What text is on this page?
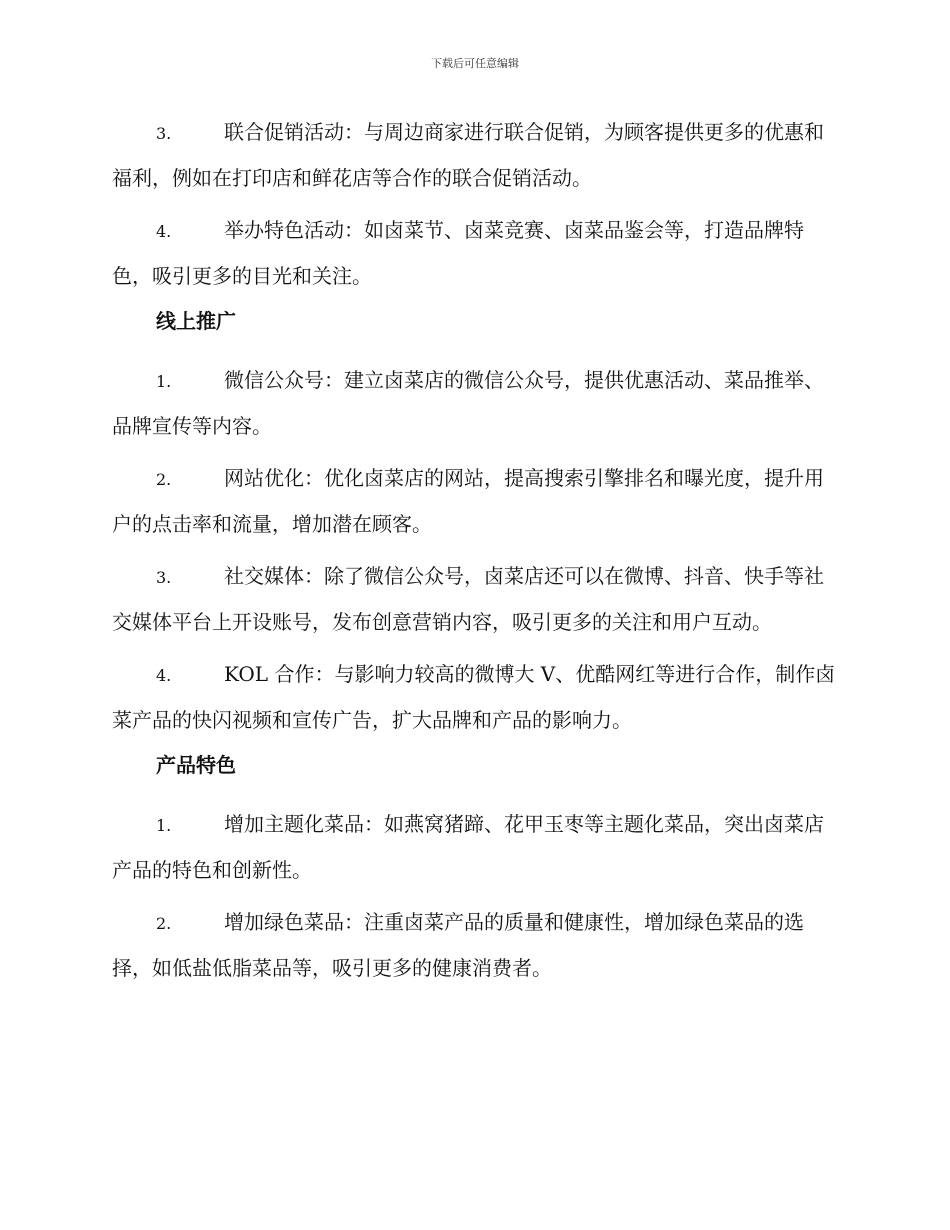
下载后可任意编辑

3.	联合促销活动：与周边商家进行联合促销，为顾客提供更多的优惠和福利，例如在打印店和鲜花店等合作的联合促销活动。

4.	举办特色活动：如卤菜节、卤菜竞赛、卤菜品鉴会等，打造品牌特色，吸引更多的目光和关注。

线上推广

1.	微信公众号：建立卤菜店的微信公众号，提供优惠活动、菜品推举、品牌宣传等内容。

2.	网站优化：优化卤菜店的网站，提高搜索引擎排名和曝光度，提升用户的点击率和流量，增加潜在顾客。

3.	社交媒体：除了微信公众号，卤菜店还可以在微博、抖音、快手等社交媒体平台上开设账号，发布创意营销内容，吸引更多的关注和用户互动。

4.	KOL 合作：与影响力较高的微博大 V、优酷网红等进行合作，制作卤菜产品的快闪视频和宣传广告，扩大品牌和产品的影响力。

产品特色

1.	增加主题化菜品：如燕窝猪蹄、花甲玉枣等主题化菜品，突出卤菜店产品的特色和创新性。

2.	增加绿色菜品：注重卤菜产品的质量和健康性，增加绿色菜品的选择，如低盐低脂菜品等，吸引更多的健康消费者。
